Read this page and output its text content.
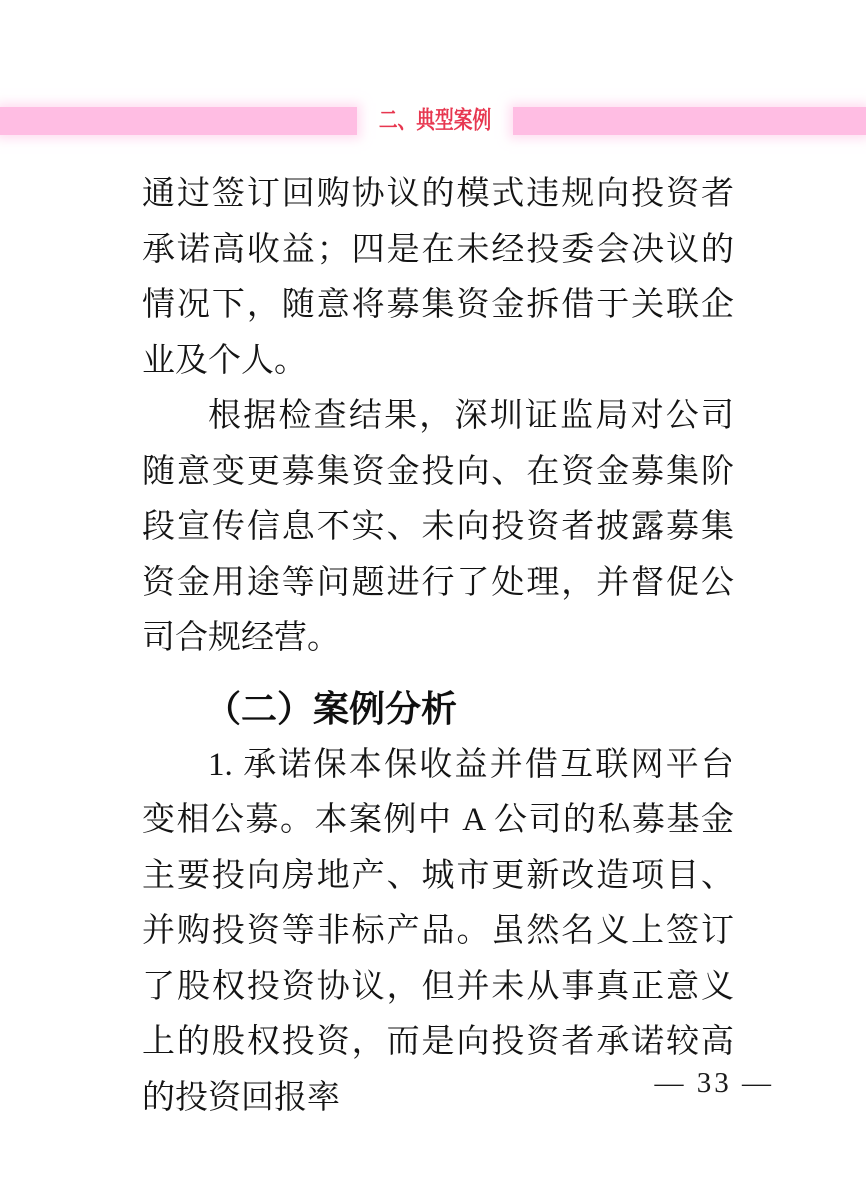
二、典型案例

通过签订回购协议的模式违规向投资者承诺高收益；四是在未经投委会决议的情况下，随意将募集资金拆借于关联企业及个人。

根据检查结果，深圳证监局对公司随意变更募集资金投向、在资金募集阶段宣传信息不实、未向投资者披露募集资金用途等问题进行了处理，并督促公司合规经营。

（二）案例分析

1. 承诺保本保收益并借互联网平台变相公募。本案例中 A 公司的私募基金主要投向房地产、城市更新改造项目、并购投资等非标产品。虽然名义上签订了股权投资协议，但并未从事真正意义上的股权投资，而是向投资者承诺较高的投资回报率	— 33 —
